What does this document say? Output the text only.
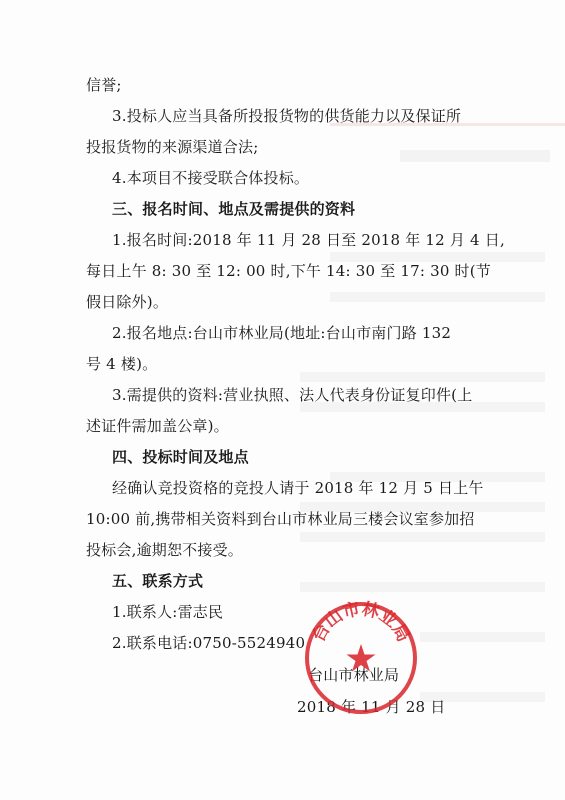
信誉;
3.投标人应当具备所投报货物的供货能力以及保证所
投报货物的来源渠道合法;
4.本项目不接受联合体投标。
三、报名时间、地点及需提供的资料
1.报名时间:2018 年 11 月 28 日至 2018 年 12 月 4 日,
每日上午 8: 30 至 12: 00 时,下午 14: 30 至 17: 30 时(节
假日除外)。
2.报名地点:台山市林业局(地址:台山市南门路 132
号 4 楼)。
3.需提供的资料:营业执照、法人代表身份证复印件(上
述证件需加盖公章)。
四、投标时间及地点
经确认竞投资格的竞投人请于 2018 年 12 月 5 日上午
10:00 前,携带相关资料到台山市林业局三楼会议室参加招
投标会,逾期恕不接受。
五、联系方式
1.联系人:雷志民
2.联系电话:0750-5524940
台山市林业局
2018 年 11 月 28 日
台山市林业局
